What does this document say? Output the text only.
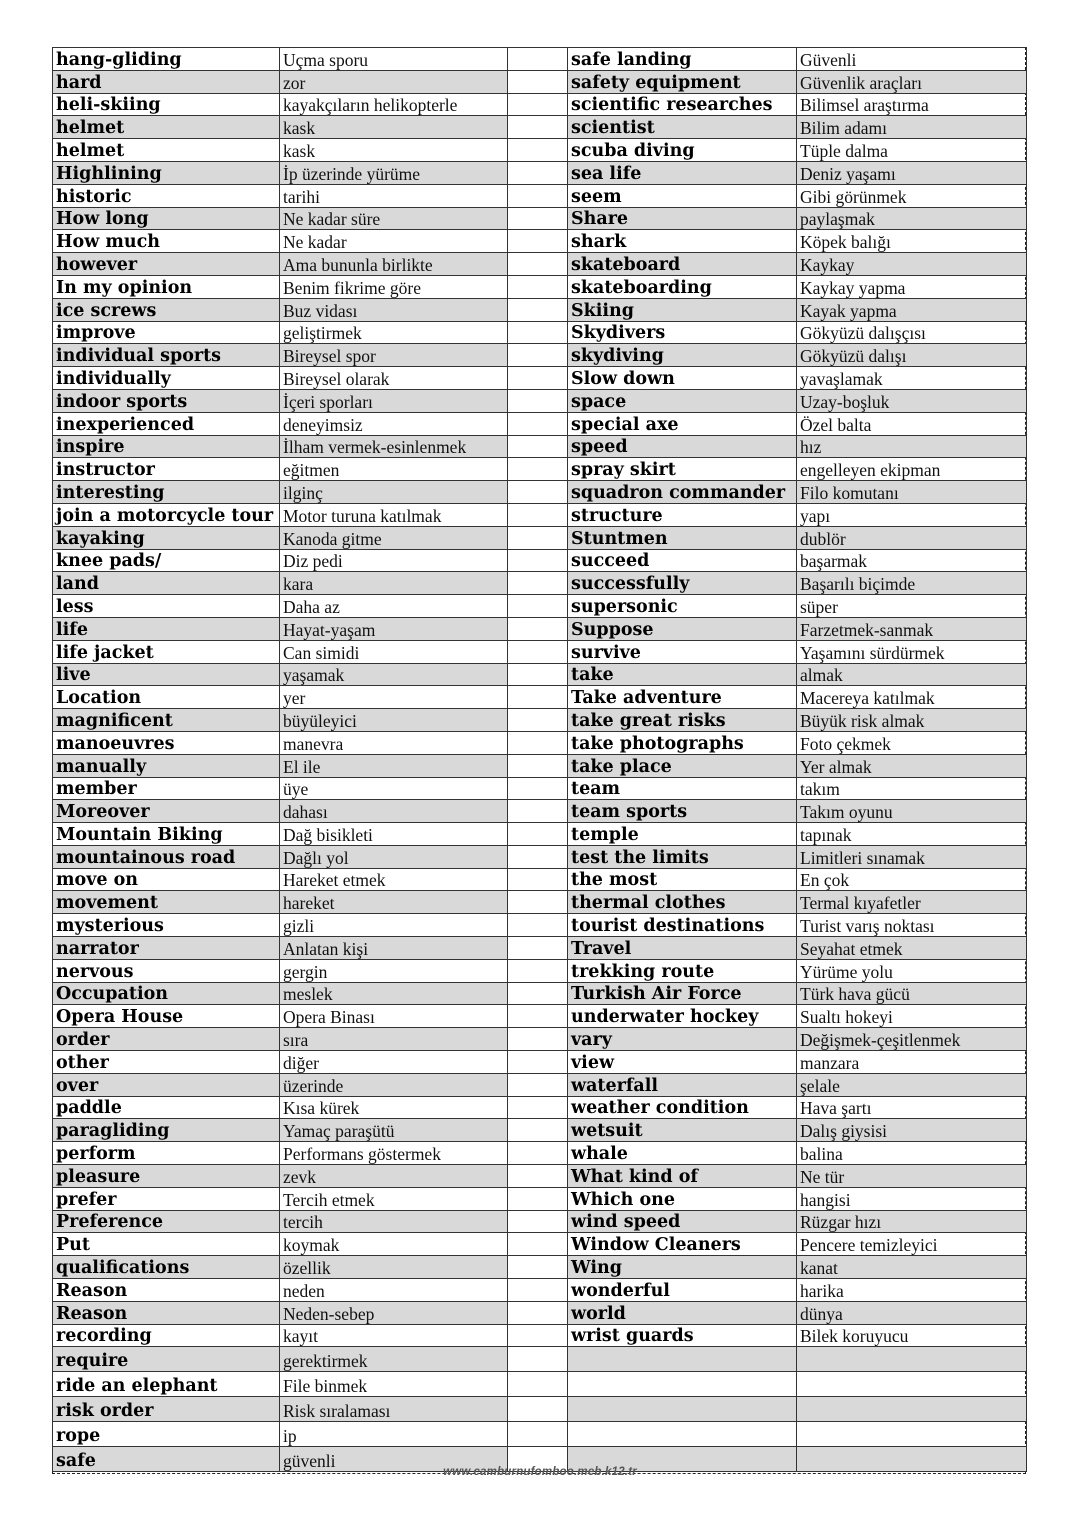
hang-gliding	Uçma sporu		safe landing	Güvenli
hard	zor		safety equipment	Güvenlik araçları
heli-skiing	kayakçıların helikopterle		scientific researches	Bilimsel araştırma
helmet	kask		scientist	Bilim adamı
helmet	kask		scuba diving	Tüple dalma
Highlining	İp üzerinde yürüme		sea life	Deniz yaşamı
historic	tarihi		seem	Gibi görünmek
How long	Ne kadar süre		Share	paylaşmak
How much	Ne kadar		shark	Köpek balığı
however	Ama bununla birlikte		skateboard	Kaykay
In my opinion	Benim fikrime göre		skateboarding	Kaykay yapma
ice screws	Buz vidası		Skiing	Kayak yapma
improve	geliştirmek		Skydivers	Gökyüzü dalışçısı
individual sports	Bireysel spor		skydiving	Gökyüzü dalışı
individually	Bireysel olarak		Slow down	yavaşlamak
indoor sports	İçeri sporları		space	Uzay-boşluk
inexperienced	deneyimsiz		special axe	Özel balta
inspire	İlham vermek-esinlenmek		speed	hız
instructor	eğitmen		spray skirt	engelleyen ekipman
interesting	ilginç		squadron commander	Filo komutanı
join a motorcycle tour	Motor turuna katılmak		structure	yapı
kayaking	Kanoda gitme		Stuntmen	dublör
knee pads/	Diz pedi		succeed	başarmak
land	kara		successfully	Başarılı biçimde
less	Daha az		supersonic	süper
life	Hayat-yaşam		Suppose	Farzetmek-sanmak
life jacket	Can simidi		survive	Yaşamını sürdürmek
live	yaşamak		take	almak
Location	yer		Take adventure	Macereya katılmak
magnificent	büyüleyici		take great risks	Büyük risk almak
manoeuvres	manevra		take photographs	Foto çekmek
manually	El ile		take place	Yer almak
member	üye		team	takım
Moreover	dahası		team sports	Takım oyunu
Mountain Biking	Dağ bisikleti		temple	tapınak
mountainous road	Dağlı yol		test the limits	Limitleri sınamak
move on	Hareket etmek		the most	En çok
movement	hareket		thermal clothes	Termal kıyafetler
mysterious	gizli		tourist destinations	Turist varış noktası
narrator	Anlatan kişi		Travel	Seyahat etmek
nervous	gergin		trekking route	Yürüme yolu
Occupation	meslek		Turkish Air Force	Türk hava gücü
Opera House	Opera Binası		underwater hockey	Sualtı hokeyi
order	sıra		vary	Değişmek-çeşitlenmek
other	diğer		view	manzara
over	üzerinde		waterfall	şelale
paddle	Kısa kürek		weather condition	Hava şartı
paragliding	Yamaç paraşütü		wetsuit	Dalış giysisi
perform	Performans göstermek		whale	balina
pleasure	zevk		What kind of	Ne tür
prefer	Tercih etmek		Which one	hangisi
Preference	tercih		wind speed	Rüzgar hızı
Put	koymak		Window Cleaners	Pencere temizleyici
qualifications	özellik		Wing	kanat
Reason	neden		wonderful	harika
Reason	Neden-sebep		world	dünya
recording	kayıt		wrist guards	Bilek koruyucu
require	gerektirmek			
ride an elephant	File binmek			
risk order	Risk sıralaması			
rope	ip			
safe	güvenli			
www.camburnufomboo.meb.k12.tr
